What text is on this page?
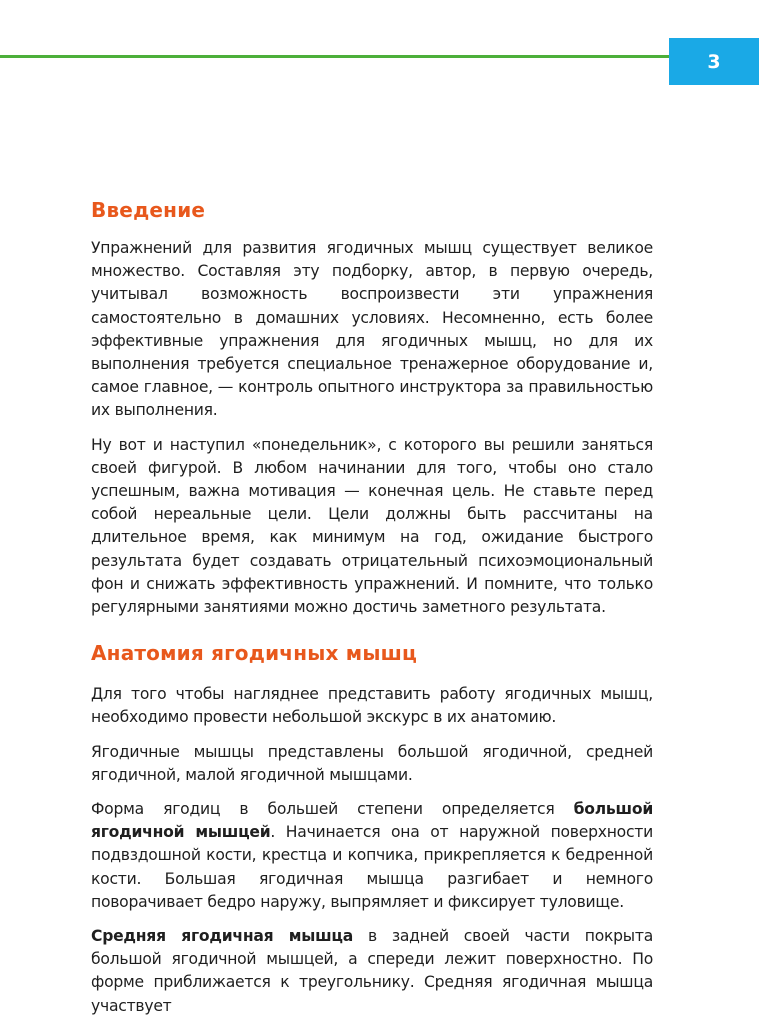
3
Введение

Упражнений для развития ягодичных мышц существует великое множество. Составляя эту подборку, автор, в первую очередь, учитывал возможность воспроизвести эти упражнения самостоятельно в домашних условиях. Несомненно, есть более эффективные упражнения для ягодичных мышц, но для их выполнения требуется специальное тренажерное оборудование и, самое главное, — контроль опытного инструктора за правильностью их выполнения.

Ну вот и наступил «понедельник», с которого вы решили заняться своей фигурой. В любом начинании для того, чтобы оно стало успешным, важна мотивация — конечная цель. Не ставьте перед собой нереальные цели. Цели должны быть рассчитаны на длительное время, как минимум на год, ожидание быстрого результата будет создавать отрицательный психоэмоциональный фон и снижать эффективность упражнений. И помните, что только регулярными занятиями можно достичь заметного результата.

Анатомия ягодичных мышц

Для того чтобы нагляднее представить работу ягодичных мышц, необходимо провести небольшой экскурс в их анатомию.

Ягодичные мышцы представлены большой ягодичной, средней ягодичной, малой ягодичной мышцами.

Форма ягодиц в большей степени определяется большой ягодичной мышцей. Начинается она от наружной поверхности подвздошной кости, крестца и копчика, прикрепляется к бедренной кости. Большая ягодичная мышца разгибает и немного поворачивает бедро наружу, выпрямляет и фиксирует туловище.

Средняя ягодичная мышца в задней своей части покрыта большой ягодичной мышцей, а спереди лежит поверхностно. По форме приближается к треугольнику. Средняя ягодичная мышца участвует
